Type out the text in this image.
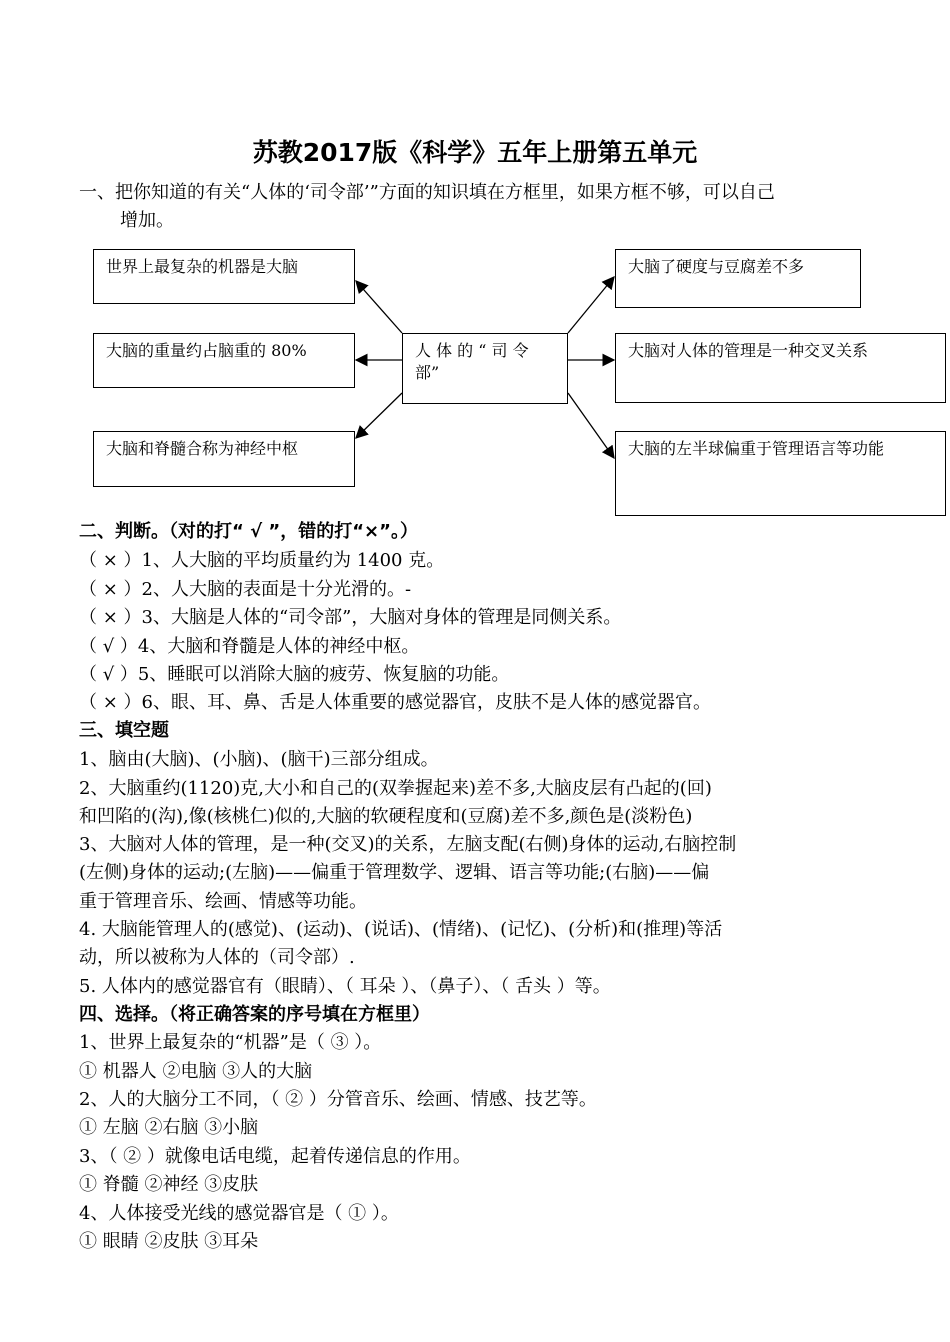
苏教2017版《科学》五年上册第五单元
一、把你知道的有关“人体的‘司令部’”方面的知识填在方框里，如果方框不够，可以自己
增加。
人 体 的 “ 司 令 部”
世界上最复杂的机器是大脑
大脑的重量约占脑重的 80%
大脑和脊髓合称为神经中枢
大脑了硬度与豆腐差不多
大脑对人体的管理是一种交叉关系
大脑的左半球偏重于管理语言等功能
二、判断。（对的打“ √ ”，错的打“×”。）
（ × ）1、人大脑的平均质量约为 1400 克。
（ × ）2、人大脑的表面是十分光滑的。-
（ × ）3、大脑是人体的“司令部”，大脑对身体的管理是同侧关系。
（ √ ）4、大脑和脊髓是人体的神经中枢。
（ √ ）5、睡眠可以消除大脑的疲劳、恢复脑的功能。
（ × ）6、眼、耳、鼻、舌是人体重要的感觉器官，皮肤不是人体的感觉器官。
三、填空题
1、脑由(大脑)、(小脑)、(脑干)三部分组成。
2、大脑重约(1120)克,大小和自己的(双拳握起来)差不多,大脑皮层有凸起的(回)
和凹陷的(沟),像(核桃仁)似的,大脑的软硬程度和(豆腐)差不多,颜色是(淡粉色)
3、大脑对人体的管理，是一种(交叉)的关系，左脑支配(右侧)身体的运动,右脑控制
(左侧)身体的运动;(左脑)——偏重于管理数学、逻辑、语言等功能;(右脑)——偏
重于管理音乐、绘画、情感等功能。
4. 大脑能管理人的(感觉)、(运动)、(说话)、(情绪)、(记忆)、(分析)和(推理)等活
动，所以被称为人体的（司令部）.
5. 人体内的感觉器官有（眼睛）、（ 耳朵 ）、（鼻子）、（ 舌头 ）等。
四、选择。（将正确答案的序号填在方框里）
1、世界上最复杂的“机器”是（ ③ ）。
① 机器人 ②电脑 ③人的大脑
2、人的大脑分工不同，（ ② ）分管音乐、绘画、情感、技艺等。
① 左脑 ②右脑 ③小脑
3、（ ② ）就像电话电缆，起着传递信息的作用。
① 脊髓 ②神经 ③皮肤
4、人体接受光线的感觉器官是（ ① ）。
① 眼睛 ②皮肤 ③耳朵
